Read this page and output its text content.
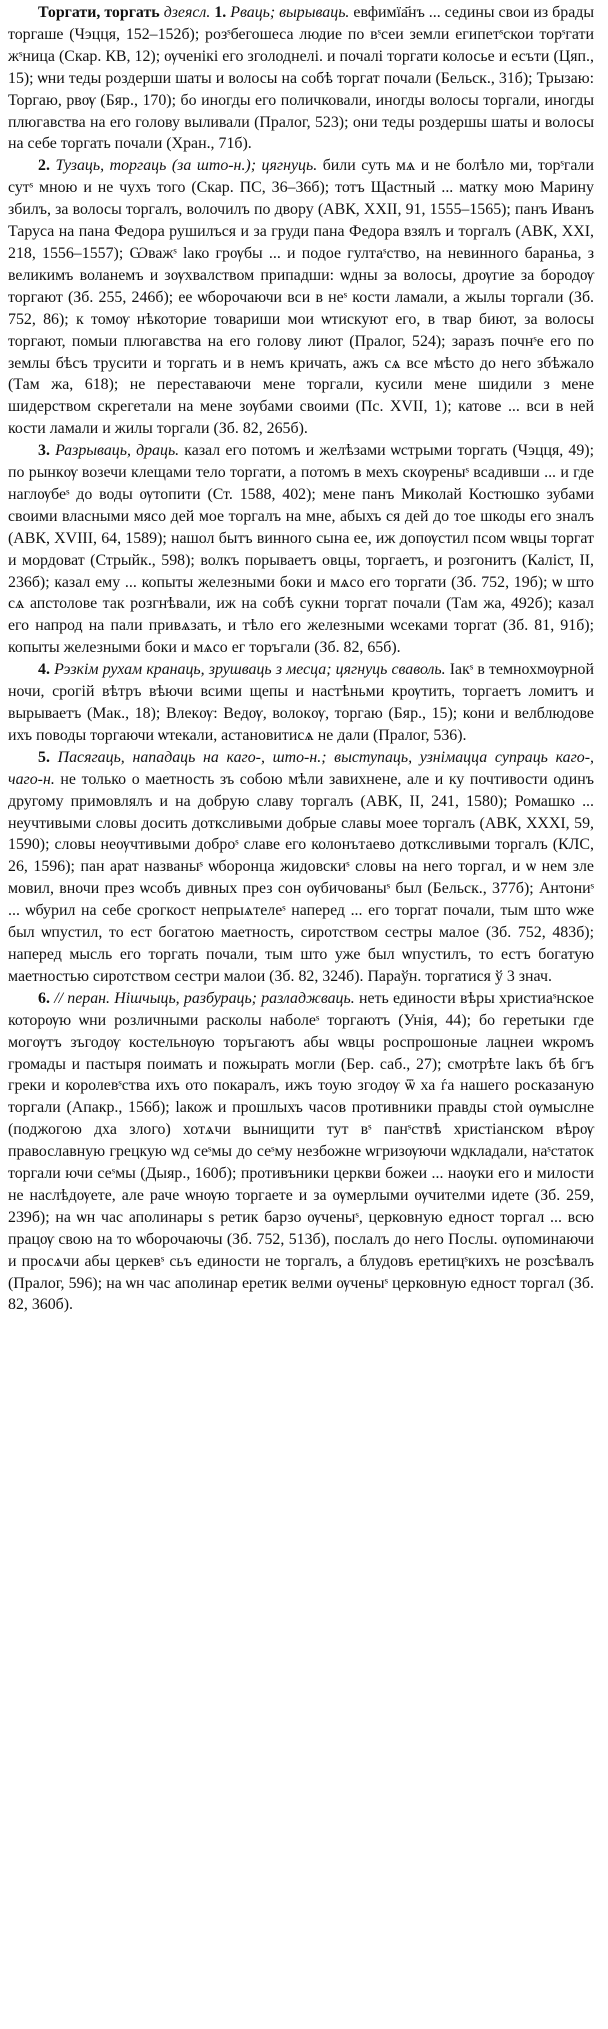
Торгати, торгать дзеясл. 1. Рваць; вырываць. евфимїа҃нъ ... седины свои из брады торгаше (Чэцця, 152–152б); розˢбегошеса людие по вˢсеи земли египетˢскои торˢгати жˢница (Скар. КВ, 12); ѹченікі его зголоднелі. и почалі торгати колосье и есъти (Цяп., 15); ѡни теды роздерши шаты и волосы на собѣ торгат почали (Бельск., 31б); Трызаю: Торгаю, рвѹ (Бяр., 170); бо иногды его поличковали, иногды волосы торгали, иногды плюгавства на его голову выливали (Пралог, 523); они теды роздершы шаты и волосы на себе торгать почали (Хран., 71б).

2. Тузаць, торгаць (за што-н.); цягнуць. били суть мѧ и не болѣло ми, торˢгали сутˢ мною и не чухъ того (Скар. ПС, 36–36б); тотъ Щастный ... матку мою Марину збилъ, за волосы торгалъ, волочилъ по двору (АВК, XXII, 91, 1555–1565); панъ Иванъ Таруса на пана Федора рушилъся и за груди пана Федора взялъ и торгалъ (АВК, XXI, 218, 1556–1557); Ѡважˢ ӏако грѹбы ... и подое гултаˢство, на невинного бараньа, з великимъ воланемъ и зѹхвалством припадши: ѡдны за волосы, дрѹгие за бородѹ торгают (Зб. 255, 246б); ее ѡборочаючи вси в неˢ кости ламали, а жылы торгали (Зб. 752, 86); к томѹ нѣкоторие товариши мои ѡтискуют его, в твар биют, за волосы торгают, помыи плюгавства на его голову лиют (Пралог, 524); заразъ почнˢе его по землы бѣсъ трусити и торгать и в немъ кричать, ажъ сѧ все мѣсто до него збѣжало (Там жа, 618); не переставаючи мене торгали, кусили мене шидили з мене шидерством скрегетали на мене зѹбами своими (Пс. XVII, 1); катове ... вси в ней кости ламали и жилы торгали (Зб. 82, 265б).

3. Разрываць, драць. казал его потомъ и желѣзами ѡстрыми торгать (Чэцця, 49); по рынкѹ возечи клещами тело торгати, а потомъ в мехъ скѹреныˢ всадивши ... и где наглѹбеˢ до воды ѹтопити (Ст. 1588, 402); мене панъ Миколай Костюшко зубами своими власными мясо дей мое торгалъ на мне, абыхъ ся дей до тое шкоды его зналъ (АВК, XVIII, 64, 1589); нашол бытъ винного сына ее, иж допѹстил псом ѡвцы торгат и мордоват (Стрыйк., 598); волкъ порываетъ овцы, торгаетъ, и розгонитъ (Каліст, II, 236б); казал ему ... копыты железными боки и мѧсо его торгати (Зб. 752, 19б); ѡ што сѧ апстолове так розгнѣвали, иж на собѣ сукни торгат почали (Там жа, 492б); казал его напрод на пали привѧзать, и тѣло его железными ѡсеками торгат (Зб. 81, 91б); копыты железными боки и мѧсо ег торъгали (Зб. 82, 65б).

4. Рэзкім рухам кранаць, зрушваць з месца; цягнуць сваволь. Ӏакˢ в темнохмѹрной ночи, срогій вѣтръ вѣючи всими щепы и настѣньми крѹтить, торгаетъ ломитъ и вырываетъ (Мак., 18); Влекѹ: Ведѹ, волокѹ, торгаю (Бяр., 15); кони и велблюдове ихъ поводы торгаючи ѡтекали, астановитисѧ не дали (Пралог, 536).

5. Пасягаць, нападаць на каго-, што-н.; выступаць, узнімацца супраць каго-, чаго-н. не только о маетность зъ собою мѣли завихнене, але и ку почтивости одинъ другому примовлялъ и на добрую славу торгалъ (АВК, II, 241, 1580); Ромашко ... неучтивыми словы досить дотксливыми добрые славы моее торгалъ (АВК, XXXI, 59, 1590); словы неѹчтивыми доброˢ славе его колонътаево дотксливыми торгалъ (КЛС, 26, 1596); пан арат названыˢ ѡборонца жидовскиˢ словы на него торгал, и ѡ нем зле мовил, вночи през ѡсобъ дивных през сон ѹбичованыˢ был (Бельск., 377б); Антониˢ ... ѡбурил на себе срогкост непрыѧтелеˢ наперед ... его торгат почали, тым што ѡже был ѡпустил, то ест богатою маетность, сиротством сестры малое (Зб. 752, 483б); наперед мысль его торгать почали, тым што уже был ѡпустилъ, то естъ богатую маетностью сиротством сестри малои (Зб. 82, 324б). Параўн. торгатися ў 3 знач.

6. // перан. Нішчыць, разбураць; разладжваць. неть единости вѣры христиаˢнское которѹю ѡни розличными расколы наболеˢ торгаютъ (Унія, 44); бо геретыки где могѹтъ зъгодѹ костельнѹю торъгаютъ абы ѡвцы роспрошоные лацнеи ѡкромъ громады и пастыря поимать и пожырать могли (Бер. саб., 27); смотрѣте ӏакъ бѣ бгъ греки и королевˢства ихъ ото покаралъ, ижъ тоую згодѹ ѿ ха ѓа нашего росказаную торгали (Апакр., 156б); ӏакож и прошлыхъ часов противники правды стоѝ ѹмыслне (поджогою дха злого) хотѧчи вынищити тут вˢ панˢствѣ христіанском вѣрѹ православную грецкую ѡд сеˢмы до сеˢму незбожне ѡгризѹючи ѡдкладали, наˢстаток торгали ючи сеˢмы (Дыяр., 160б); противъники церкви божеи ... наѹки его и милости не наслѣдѹете, але раче ѡнѹю торгаете и за ѹмерлыми ѹчителми идете (Зб. 259, 239б); на ѡн час аполинары ѕ ретик барзо ѹченыˢ, церковную едност торгал ... всю працѹ свою на то ѡборочаючы (Зб. 752, 513б), послалъ до него Послы. ѹпоминаючи и просѧчи абы церкевˢ сьъ единости не торгалъ, а блудовъ еретицˢкихъ не розсѣвалъ (Пралог, 596); на ѡн час аполинар еретик велми ѹченыˢ церковную едност торгал (Зб. 82, 360б).
